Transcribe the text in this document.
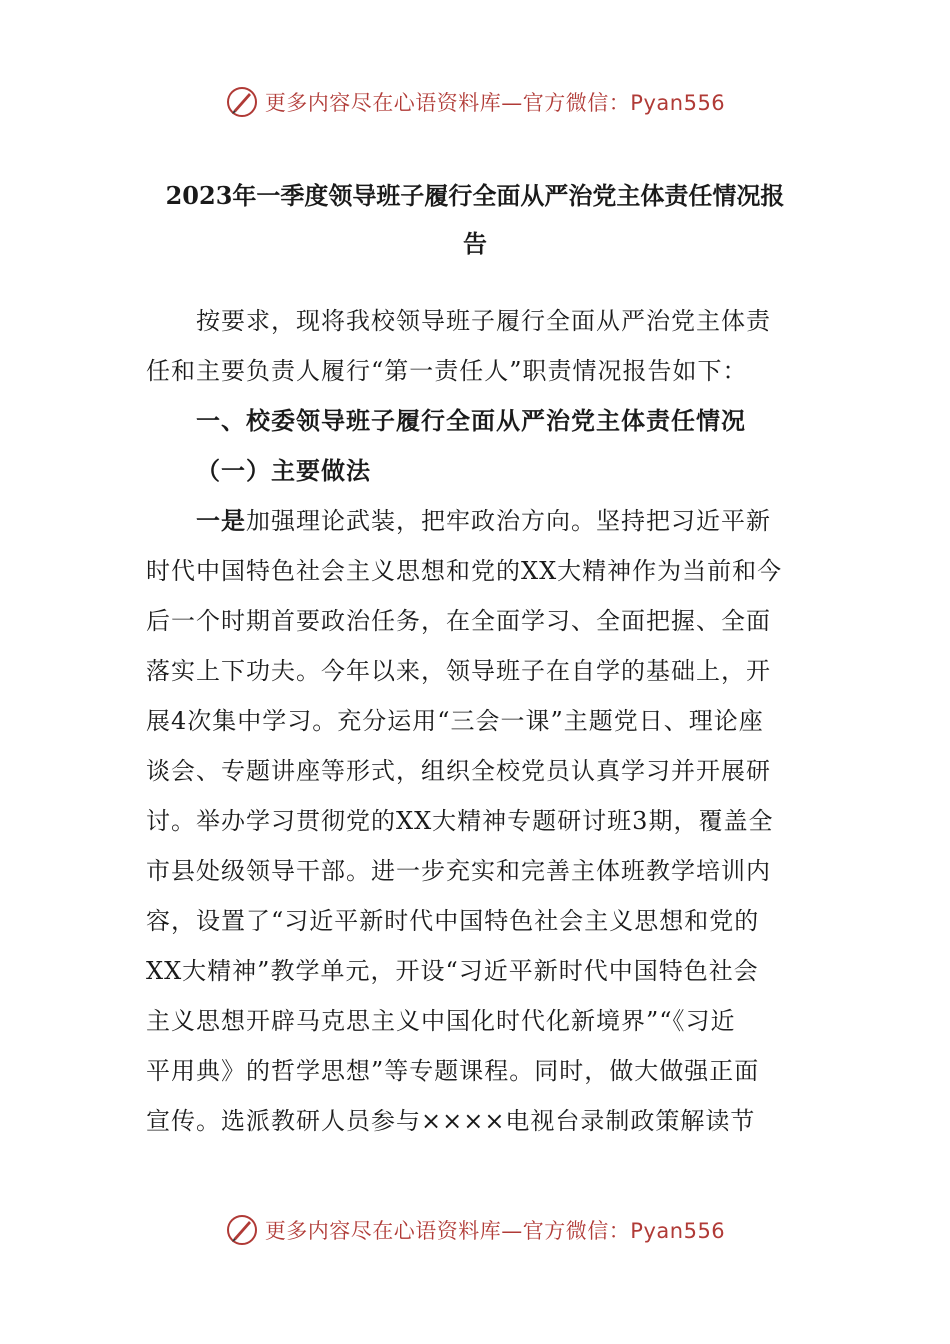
更多内容尽在心语资料库—官方微信：Pyan556
2023年一季度领导班子履行全面从严治党主体责任情况报
告
按要求，现将我校领导班子履行全面从严治党主体责
任和主要负责人履行“第一责任人”职责情况报告如下：
一、校委领导班子履行全面从严治党主体责任情况
（一）主要做法
一是加强理论武装，把牢政治方向。坚持把习近平新
时代中国特色社会主义思想和党的XX大精神作为当前和今
后一个时期首要政治任务，在全面学习、全面把握、全面
落实上下功夫。今年以来，领导班子在自学的基础上，开
展4次集中学习。充分运用“三会一课”主题党日、理论座
谈会、专题讲座等形式，组织全校党员认真学习并开展研
讨。举办学习贯彻党的XX大精神专题研讨班3期，覆盖全
市县处级领导干部。进一步充实和完善主体班教学培训内
容，设置了“习近平新时代中国特色社会主义思想和党的
XX大精神”教学单元，开设“习近平新时代中国特色社会
主义思想开辟马克思主义中国化时代化新境界”“《习近
平用典》的哲学思想”等专题课程。同时，做大做强正面
宣传。选派教研人员参与××××电视台录制政策解读节
更多内容尽在心语资料库—官方微信：Pyan556
